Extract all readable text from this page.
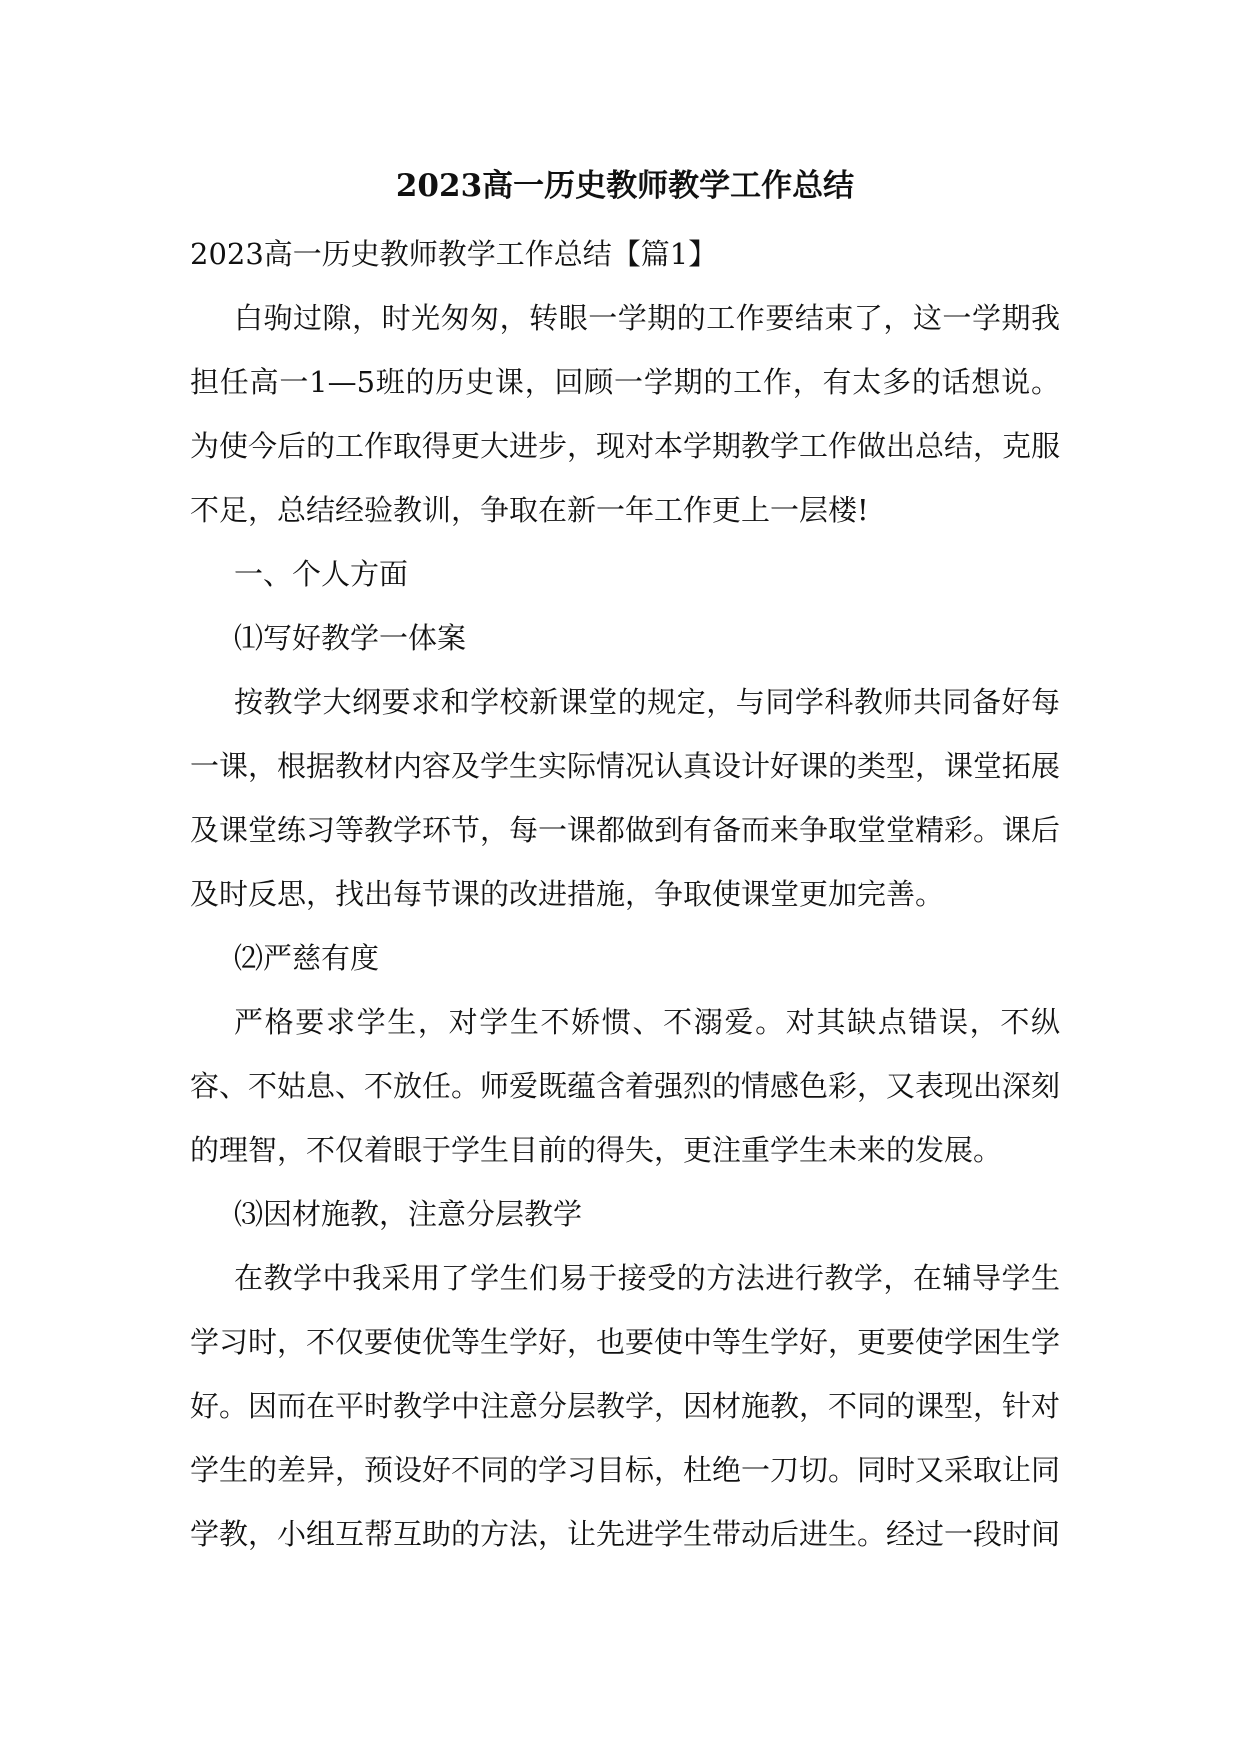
2023高一历史教师教学工作总结

2023高一历史教师教学工作总结【篇1】

白驹过隙，时光匆匆，转眼一学期的工作要结束了，这一学期我担任高一1—5班的历史课，回顾一学期的工作，有太多的话想说。为使今后的工作取得更大进步，现对本学期教学工作做出总结，克服不足，总结经验教训，争取在新一年工作更上一层楼!

一、个人方面

⑴写好教学一体案

按教学大纲要求和学校新课堂的规定，与同学科教师共同备好每一课，根据教材内容及学生实际情况认真设计好课的类型，课堂拓展及课堂练习等教学环节，每一课都做到有备而来争取堂堂精彩。课后及时反思，找出每节课的改进措施，争取使课堂更加完善。

⑵严慈有度

严格要求学生，对学生不娇惯、不溺爱。对其缺点错误，不纵容、不姑息、不放任。师爱既蕴含着强烈的情感色彩，又表现出深刻的理智，不仅着眼于学生目前的得失，更注重学生未来的发展。

⑶因材施教，注意分层教学

在教学中我采用了学生们易于接受的方法进行教学，在辅导学生学习时，不仅要使优等生学好，也要使中等生学好，更要使学困生学好。因而在平时教学中注意分层教学，因材施教，不同的课型，针对学生的差异，预设好不同的学习目标，杜绝一刀切。同时又采取让同学教，小组互帮互助的方法，让先进学生带动后进生。经过一段时间
